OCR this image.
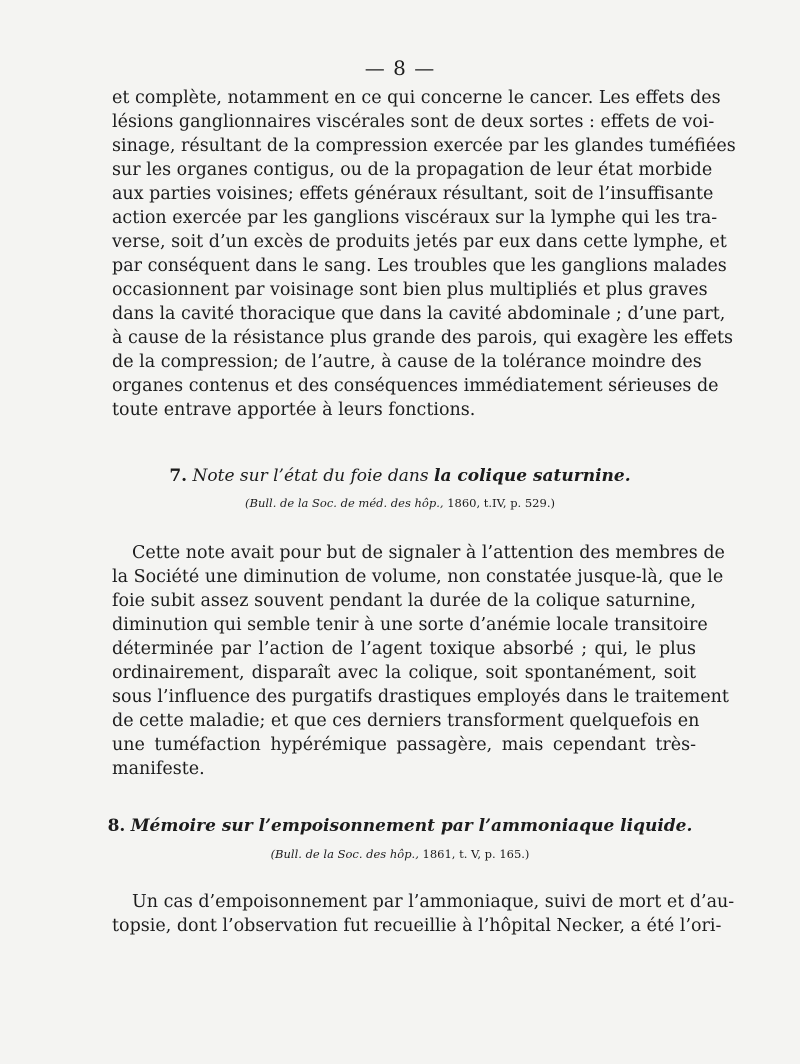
— 8 —
et complète, notamment en ce qui concerne le cancer. Les effets des
lésions ganglionnaires viscérales sont de deux sortes : effets de voi-
sinage, résultant de la compression exercée par les glandes tuméfiées
sur les organes contigus, ou de la propagation de leur état morbide
aux parties voisines; effets généraux résultant, soit de l’insuffisante
action exercée par les ganglions viscéraux sur la lymphe qui les tra-
verse, soit d’un excès de produits jetés par eux dans cette lymphe, et
par conséquent dans le sang. Les troubles que les ganglions malades
occasionnent par voisinage sont bien plus multipliés et plus graves
dans la cavité thoracique que dans la cavité abdominale ; d’une part,
à cause de la résistance plus grande des parois, qui exagère les effets
de la compression; de l’autre, à cause de la tolérance moindre des
organes contenus et des conséquences immédiatement sérieuses de
toute entrave apportée à leurs fonctions.
7. Note sur l’état du foie dans la colique saturnine.
(Bull. de la Soc. de méd. des hôp., 1860, t.IV, p. 529.)
Cette note avait pour but de signaler à l’attention des membres de
la Société une diminution de volume, non constatée jusque-là, que le
foie subit assez souvent pendant la durée de la colique saturnine,
diminution qui semble tenir à une sorte d’anémie locale transitoire
déterminée par l’action de l’agent toxique absorbé ; qui, le plus
ordinairement, disparaît avec la colique, soit spontanément, soit
sous l’influence des purgatifs drastiques employés dans le traitement
de cette maladie; et que ces derniers transforment quelquefois en
une tuméfaction hypérémique passagère, mais cependant très-
manifeste.
8. Mémoire sur l’empoisonnement par l’ammoniaque liquide.
(Bull. de la Soc. des hôp., 1861, t. V, p. 165.)
Un cas d’empoisonnement par l’ammoniaque, suivi de mort et d’au-
topsie, dont l’observation fut recueillie à l’hôpital Necker, a été l’ori-
